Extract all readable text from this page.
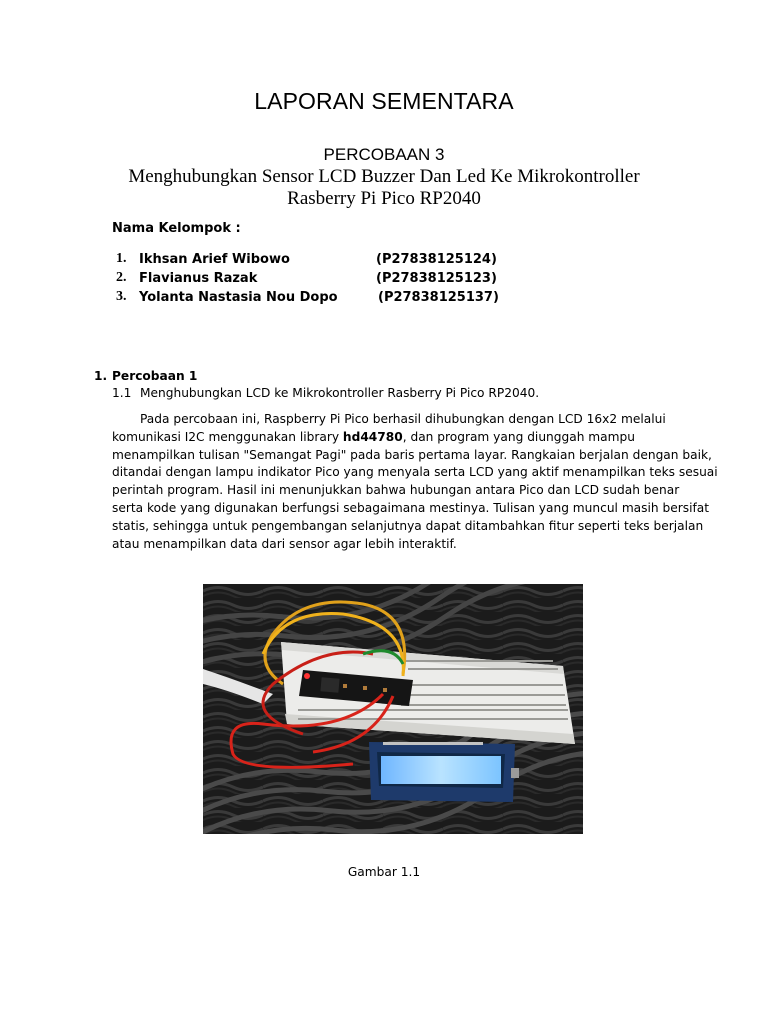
LAPORAN SEMENTARA
PERCOBAAN 3
Menghubungkan Sensor LCD Buzzer Dan Led Ke Mikrokontroller
Rasberry Pi Pico RP2040
Nama Kelompok :
1. Ikhsan Arief Wibowo	(P27838125124)
2. Flavianus Razak	(P27838125123)
3. Yolanta Nastasia Nou Dopo	(P27838125137)
1. Percobaan 1
1.1 Menghubungkan LCD ke Mikrokontroller Rasberry Pi Pico RP2040.
Pada percobaan ini, Raspberry Pi Pico berhasil dihubungkan dengan LCD 16x2 melalui
komunikasi I2C menggunakan library hd44780, dan program yang diunggah mampu
menampilkan tulisan "Semangat Pagi" pada baris pertama layar. Rangkaian berjalan dengan baik,
ditandai dengan lampu indikator Pico yang menyala serta LCD yang aktif menampilkan teks sesuai
perintah program. Hasil ini menunjukkan bahwa hubungan antara Pico dan LCD sudah benar
serta kode yang digunakan berfungsi sebagaimana mestinya. Tulisan yang muncul masih bersifat
statis, sehingga untuk pengembangan selanjutnya dapat ditambahkan fitur seperti teks berjalan
atau menampilkan data dari sensor agar lebih interaktif.
Gambar 1.1
